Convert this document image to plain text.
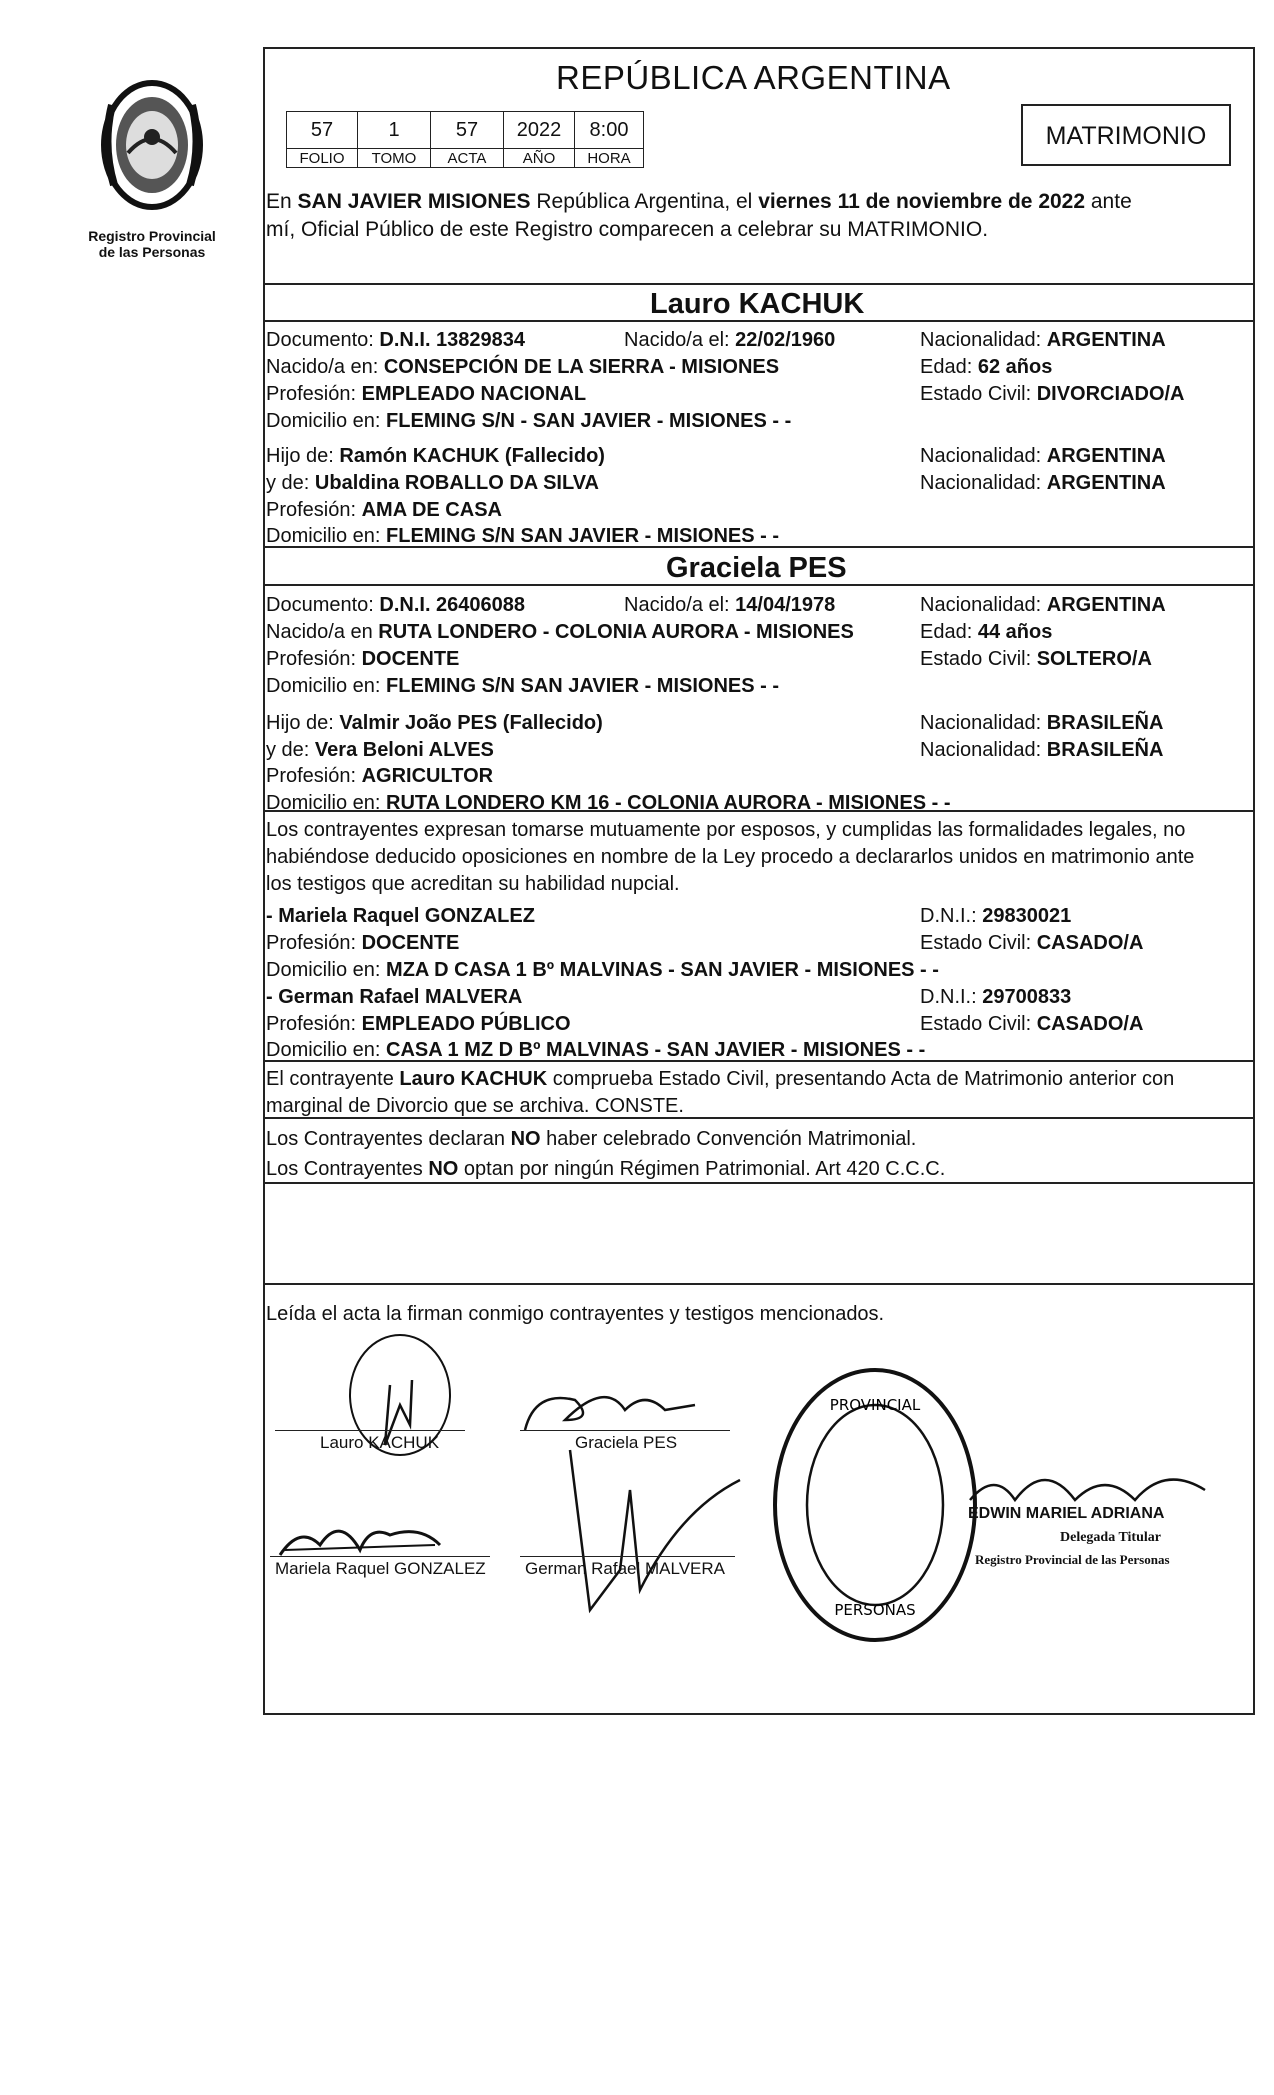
Registro Provincial
de las Personas
REPÚBLICA ARGENTINA
57	1	57	2022	8:00
FOLIO	TOMO	ACTA	AÑO	HORA
MATRIMONIO
En SAN JAVIER MISIONES República Argentina, el viernes 11 de noviembre de 2022 ante
mí, Oficial Público de este Registro comparecen a celebrar su MATRIMONIO.
Lauro KACHUK
Documento: D.N.I. 13829834	Nacido/a el: 22/02/1960	Nacionalidad: ARGENTINA
Nacido/a en: CONSEPCIÓN DE LA SIERRA - MISIONES	Edad: 62 años
Profesión: EMPLEADO NACIONAL	Estado Civil: DIVORCIADO/A
Domicilio en: FLEMING S/N - SAN JAVIER - MISIONES - -
Hijo de: Ramón KACHUK (Fallecido)	Nacionalidad: ARGENTINA
y de: Ubaldina ROBALLO DA SILVA	Nacionalidad: ARGENTINA
Profesión: AMA DE CASA
Domicilio en: FLEMING S/N SAN JAVIER - MISIONES - -
Graciela PES
Documento: D.N.I. 26406088	Nacido/a el: 14/04/1978	Nacionalidad: ARGENTINA
Nacido/a en RUTA LONDERO - COLONIA AURORA - MISIONES	Edad: 44 años
Profesión: DOCENTE	Estado Civil: SOLTERO/A
Domicilio en: FLEMING S/N SAN JAVIER - MISIONES - -
Hijo de: Valmir João PES (Fallecido)	Nacionalidad: BRASILEÑA
y de: Vera Beloni ALVES	Nacionalidad: BRASILEÑA
Profesión: AGRICULTOR
Domicilio en: RUTA LONDERO KM 16 - COLONIA AURORA - MISIONES - -
Los contrayentes expresan tomarse mutuamente por esposos, y cumplidas las formalidades legales, no
habiéndose deducido oposiciones en nombre de la Ley procedo a declararlos unidos en matrimonio ante
los testigos que acreditan su habilidad nupcial.
- Mariela Raquel GONZALEZ	D.N.I.: 29830021
Profesión: DOCENTE	Estado Civil: CASADO/A
Domicilio en: MZA D CASA 1 Bº MALVINAS - SAN JAVIER - MISIONES - -
- German Rafael MALVERA	D.N.I.: 29700833
Profesión: EMPLEADO PÚBLICO	Estado Civil: CASADO/A
Domicilio en: CASA 1 MZ D Bº MALVINAS - SAN JAVIER - MISIONES - -
El contrayente Lauro KACHUK comprueba Estado Civil, presentando Acta de Matrimonio anterior con
marginal de Divorcio que se archiva. CONSTE.
Los Contrayentes declaran NO haber celebrado Convención Matrimonial.
Los Contrayentes NO optan por ningún Régimen Patrimonial. Art 420 C.C.C.
Leída el acta la firman conmigo contrayentes y testigos mencionados.
Lauro KACHUK	Graciela PES
Mariela Raquel GONZALEZ German Rafael MALVERA
PROVINCIAL
PERSONAS
EDWIN MARIEL ADRIANA
Delegada Titular
Registro Provincial de las Personas
